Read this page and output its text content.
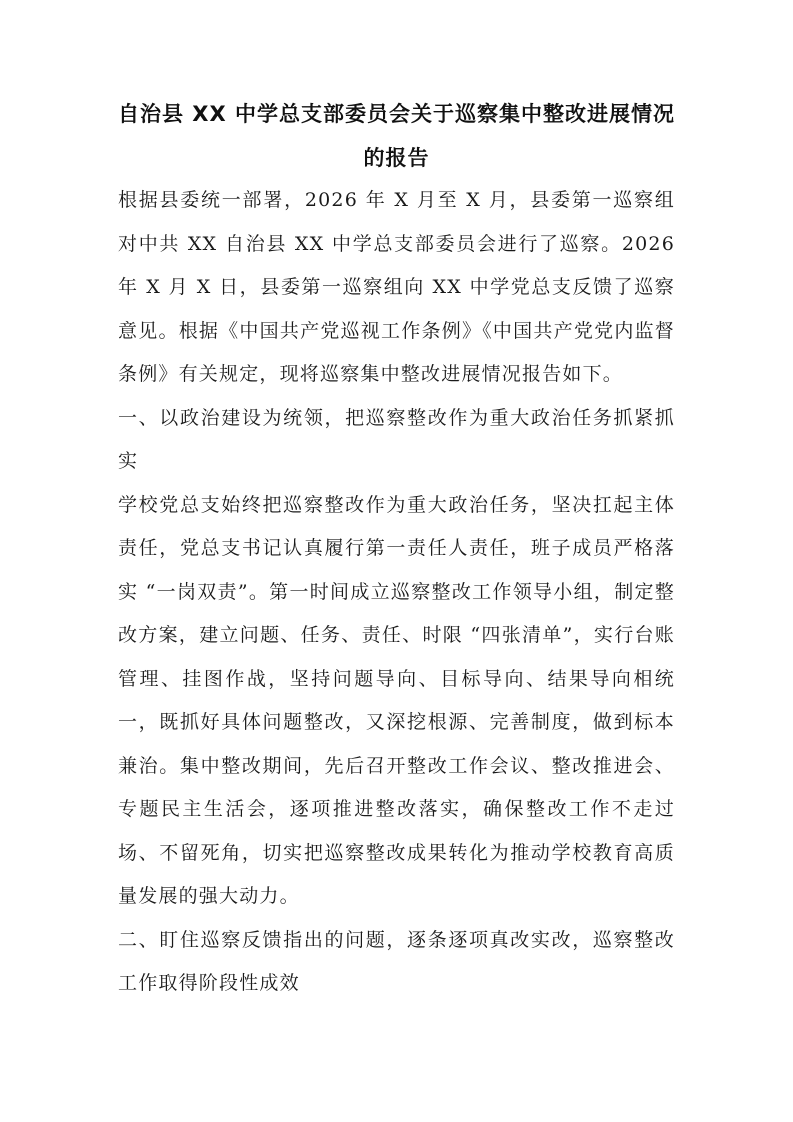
自治县 XX 中学总支部委员会关于巡察集中整改进展情况的报告

根据县委统一部署，2026 年 X 月至 X 月，县委第一巡察组对中共 XX 自治县 XX 中学总支部委员会进行了巡察。2026 年 X 月 X 日，县委第一巡察组向 XX 中学党总支反馈了巡察意见。根据《中国共产党巡视工作条例》《中国共产党党内监督条例》有关规定，现将巡察集中整改进展情况报告如下。

一、以政治建设为统领，把巡察整改作为重大政治任务抓紧抓实

学校党总支始终把巡察整改作为重大政治任务，坚决扛起主体责任，党总支书记认真履行第一责任人责任，班子成员严格落实 “一岗双责”。第一时间成立巡察整改工作领导小组，制定整改方案，建立问题、任务、责任、时限 “四张清单”，实行台账管理、挂图作战，坚持问题导向、目标导向、结果导向相统一，既抓好具体问题整改，又深挖根源、完善制度，做到标本兼治。集中整改期间，先后召开整改工作会议、整改推进会、专题民主生活会，逐项推进整改落实，确保整改工作不走过场、不留死角，切实把巡察整改成果转化为推动学校教育高质量发展的强大动力。

二、盯住巡察反馈指出的问题，逐条逐项真改实改，巡察整改工作取得阶段性成效
